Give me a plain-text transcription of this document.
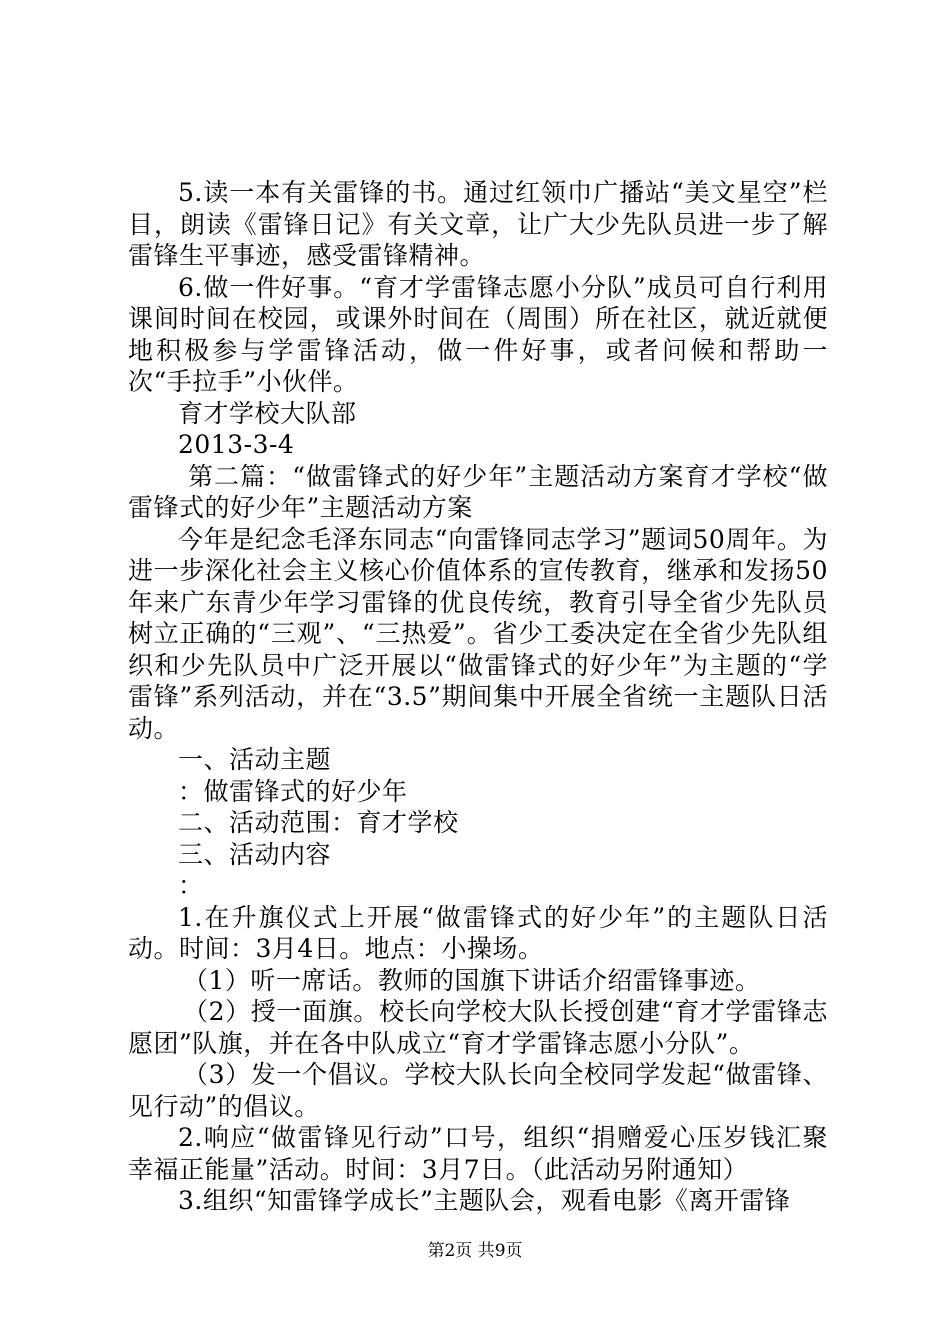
5.读一本有关雷锋的书。通过红领巾广播站“美文星空”栏目，朗读《雷锋日记》有关文章，让广大少先队员进一步了解雷锋生平事迹，感受雷锋精神。

6.做一件好事。“育才学雷锋志愿小分队”成员可自行利用课间时间在校园，或课外时间在（周围）所在社区，就近就便地积极参与学雷锋活动，做一件好事，或者问候和帮助一次“手拉手”小伙伴。

育才学校大队部

2013-3-4

第二篇：“做雷锋式的好少年”主题活动方案育才学校“做雷锋式的好少年”主题活动方案

今年是纪念毛泽东同志“向雷锋同志学习”题词50周年。为进一步深化社会主义核心价值体系的宣传教育，继承和发扬50年来广东青少年学习雷锋的优良传统，教育引导全省少先队员树立正确的“三观”、“三热爱”。省少工委决定在全省少先队组织和少先队员中广泛开展以“做雷锋式的好少年”为主题的“学雷锋”系列活动，并在“3.5”期间集中开展全省统一主题队日活动。

一、活动主题

：做雷锋式的好少年

二、活动范围：育才学校

三、活动内容

：

1.在升旗仪式上开展“做雷锋式的好少年”的主题队日活动。时间：3月4日。地点：小操场。

（1）听一席话。教师的国旗下讲话介绍雷锋事迹。

（2）授一面旗。校长向学校大队长授创建“育才学雷锋志愿团”队旗，并在各中队成立“育才学雷锋志愿小分队”。

（3）发一个倡议。学校大队长向全校同学发起“做雷锋、见行动”的倡议。

2.响应“做雷锋见行动”口号，组织“捐赠爱心压岁钱汇聚幸福正能量”活动。时间：3月7日。（此活动另附通知）

3.组织“知雷锋学成长”主题队会，观看电影《离开雷锋

第2页 共9页
